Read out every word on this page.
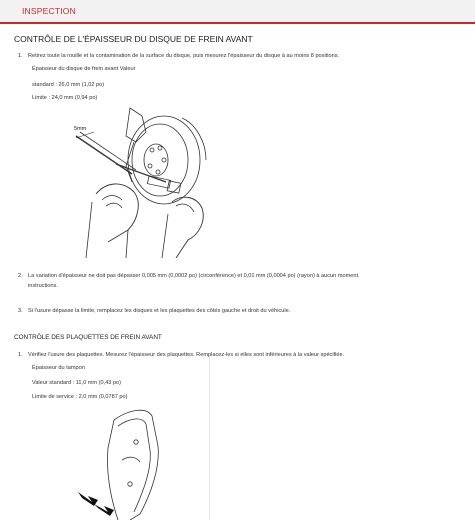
INSPECTION
CONTRÔLE DE L'ÉPAISSEUR DU DISQUE DE FREIN AVANT
1. Retirez toute la rouille et la contamination de la surface du disque, puis mesurez l'épaisseur du disque à au moins 8 positions.
Épaisseur du disque de frein avant Valeur
standard : 26,0 mm (1,02 po)
Limite : 24,0 mm (0,94 po)
5mm
2. La variation d'épaisseur ne doit pas dépasser 0,005 mm (0,0002 po) (circonférence) et 0,01 mm (0,0004 po) (rayon) à aucun moment.
instructions.
3. Si l'usure dépasse la limite, remplacez les disques et les plaquettes des côtés gauche et droit du véhicule.
CONTRÔLE DES PLAQUETTES DE FREIN AVANT
1. Vérifiez l'usure des plaquettes. Mesurez l'épaisseur des plaquettes. Remplacez-les si elles sont inférieures à la valeur spécifiée.
Épaisseur du tampon
Valeur standard : 11,0 mm (0,43 po)
Limite de service : 2,0 mm (0,0787 po)
